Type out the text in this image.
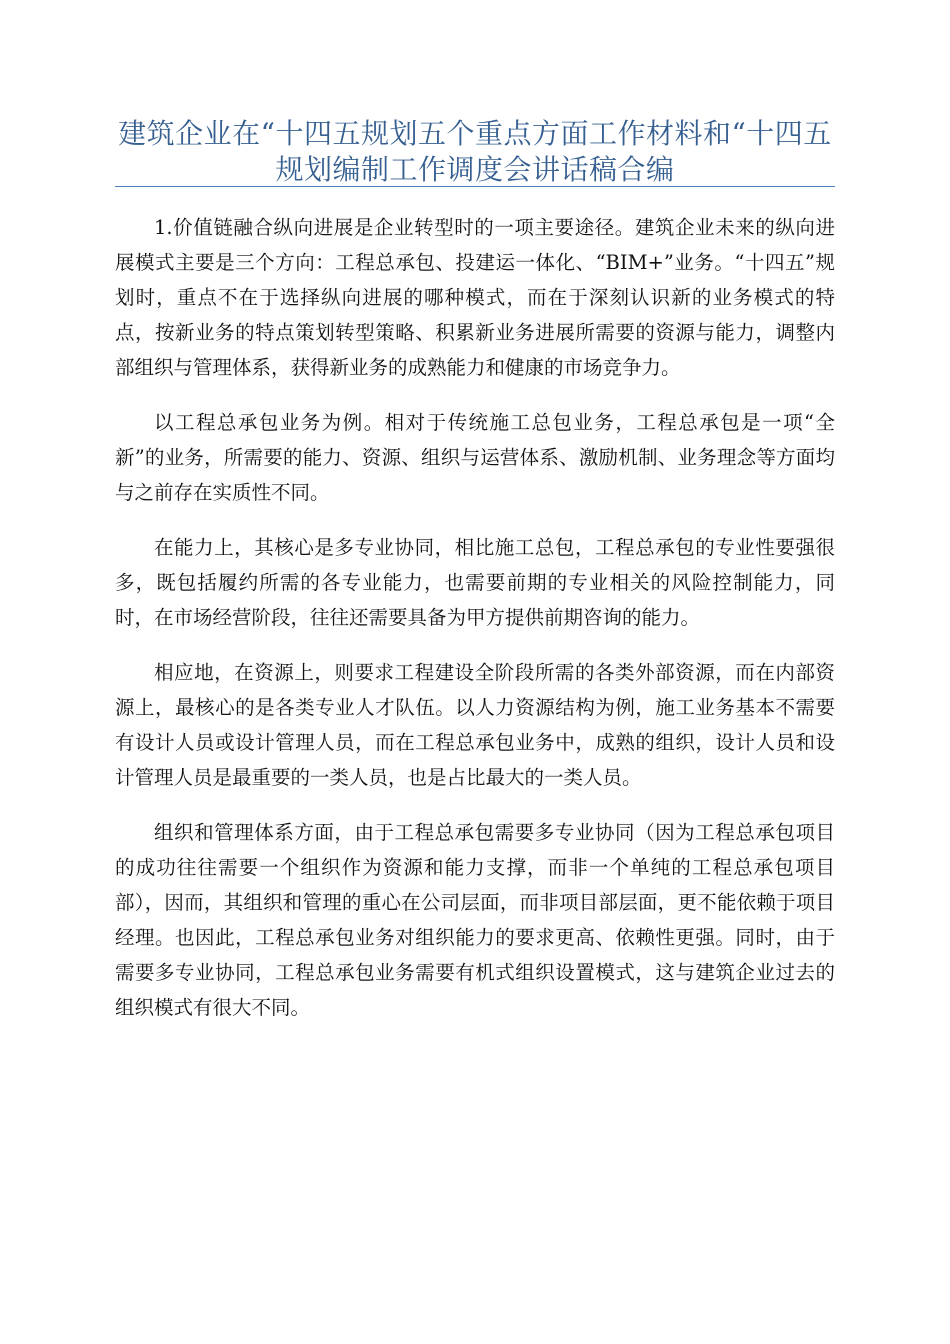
建筑企业在“十四五规划五个重点方面工作材料和“十四五规划编制工作调度会讲话稿合编

1.价值链融合纵向进展是企业转型时的一项主要途径。建筑企业未来的纵向进展模式主要是三个方向：工程总承包、投建运一体化、“BIM+”业务。“十四五”规划时，重点不在于选择纵向进展的哪种模式，而在于深刻认识新的业务模式的特点，按新业务的特点策划转型策略、积累新业务进展所需要的资源与能力，调整内部组织与管理体系，获得新业务的成熟能力和健康的市场竞争力。

以工程总承包业务为例。相对于传统施工总包业务，工程总承包是一项“全新”的业务，所需要的能力、资源、组织与运营体系、激励机制、业务理念等方面均与之前存在实质性不同。

在能力上，其核心是多专业协同，相比施工总包，工程总承包的专业性要强很多，既包括履约所需的各专业能力，也需要前期的专业相关的风险控制能力，同时，在市场经营阶段，往往还需要具备为甲方提供前期咨询的能力。

相应地，在资源上，则要求工程建设全阶段所需的各类外部资源，而在内部资源上，最核心的是各类专业人才队伍。以人力资源结构为例，施工业务基本不需要有设计人员或设计管理人员，而在工程总承包业务中，成熟的组织，设计人员和设计管理人员是最重要的一类人员，也是占比最大的一类人员。

组织和管理体系方面，由于工程总承包需要多专业协同（因为工程总承包项目的成功往往需要一个组织作为资源和能力支撑，而非一个单纯的工程总承包项目部），因而，其组织和管理的重心在公司层面，而非项目部层面，更不能依赖于项目经理。也因此，工程总承包业务对组织能力的要求更高、依赖性更强。同时，由于需要多专业协同，工程总承包业务需要有机式组织设置模式，这与建筑企业过去的组织模式有很大不同。
